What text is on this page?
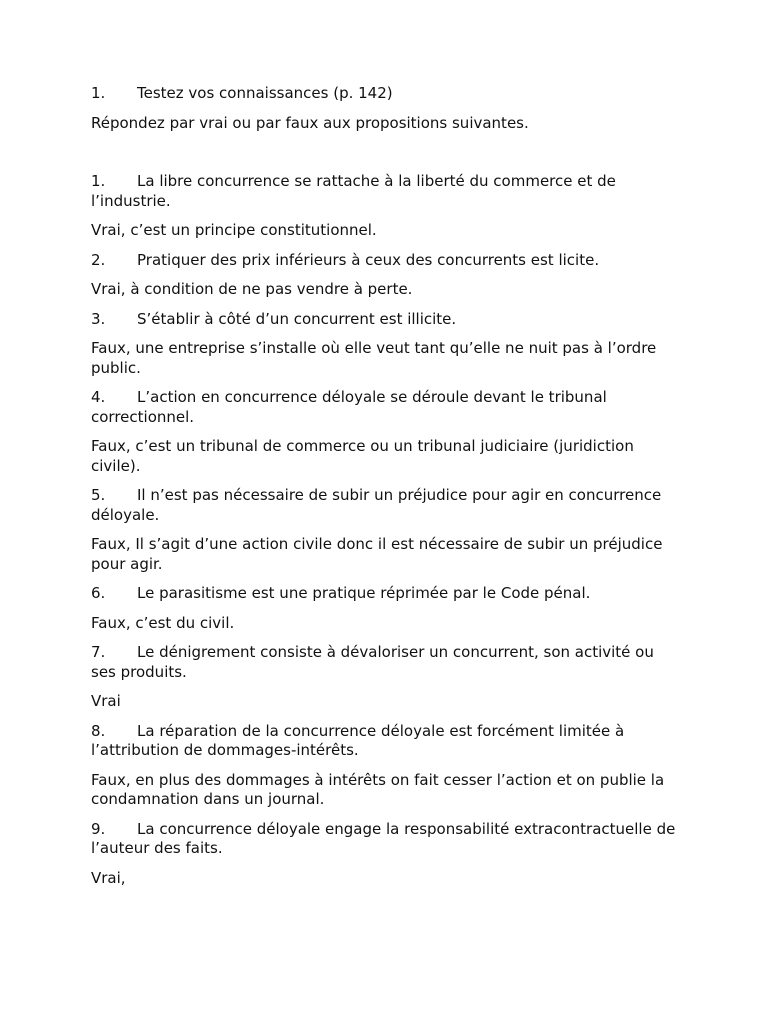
1. Testez vos connaissances (p. 142)

Répondez par vrai ou par faux aux propositions suivantes.

1. La libre concurrence se rattache à la liberté du commerce et de l’industrie.

Vrai, c’est un principe constitutionnel.

2. Pratiquer des prix inférieurs à ceux des concurrents est licite.

Vrai, à condition de ne pas vendre à perte.

3. S’établir à côté d’un concurrent est illicite.

Faux, une entreprise s’installe où elle veut tant qu’elle ne nuit pas à l’ordre public.

4. L’action en concurrence déloyale se déroule devant le tribunal correctionnel.

Faux, c’est un tribunal de commerce ou un tribunal judiciaire (juridiction civile).

5. Il n’est pas nécessaire de subir un préjudice pour agir en concurrence déloyale.

Faux, Il s’agit d’une action civile donc il est nécessaire de subir un préjudice pour agir.

6. Le parasitisme est une pratique réprimée par le Code pénal.

Faux, c’est du civil.

7. Le dénigrement consiste à dévaloriser un concurrent, son activité ou ses produits.

Vrai

8. La réparation de la concurrence déloyale est forcément limitée à l’attribution de dommages-intérêts.

Faux, en plus des dommages à intérêts on fait cesser l’action et on publie la condamnation dans un journal.

9. La concurrence déloyale engage la responsabilité extracontractuelle de l’auteur des faits.

Vrai,
